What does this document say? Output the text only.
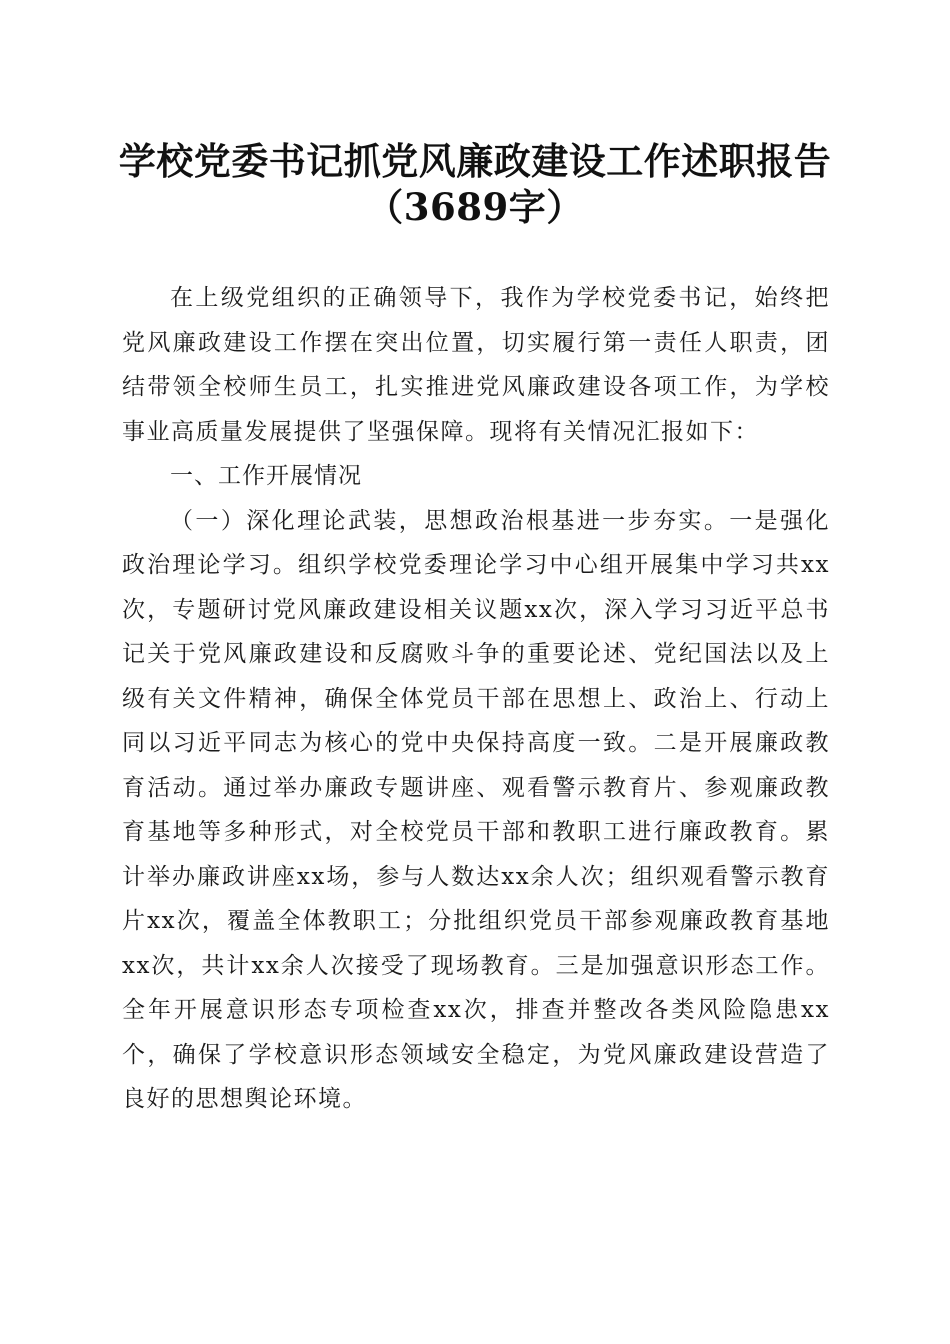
学校党委书记抓党风廉政建设工作述职报告
（3689字）

在上级党组织的正确领导下，我作为学校党委书记，始终把党风廉政建设工作摆在突出位置，切实履行第一责任人职责，团结带领全校师生员工，扎实推进党风廉政建设各项工作，为学校事业高质量发展提供了坚强保障。现将有关情况汇报如下：

一、工作开展情况

（一）深化理论武装，思想政治根基进一步夯实。一是强化政治理论学习。组织学校党委理论学习中心组开展集中学习共xx次，专题研讨党风廉政建设相关议题xx次，深入学习习近平总书记关于党风廉政建设和反腐败斗争的重要论述、党纪国法以及上级有关文件精神，确保全体党员干部在思想上、政治上、行动上同以习近平同志为核心的党中央保持高度一致。二是开展廉政教育活动。通过举办廉政专题讲座、观看警示教育片、参观廉政教育基地等多种形式，对全校党员干部和教职工进行廉政教育。累计举办廉政讲座xx场，参与人数达xx余人次；组织观看警示教育片xx次，覆盖全体教职工；分批组织党员干部参观廉政教育基地xx次，共计xx余人次接受了现场教育。三是加强意识形态工作。全年开展意识形态专项检查xx次，排查并整改各类风险隐患xx个，确保了学校意识形态领域安全稳定，为党风廉政建设营造了良好的思想舆论环境。
